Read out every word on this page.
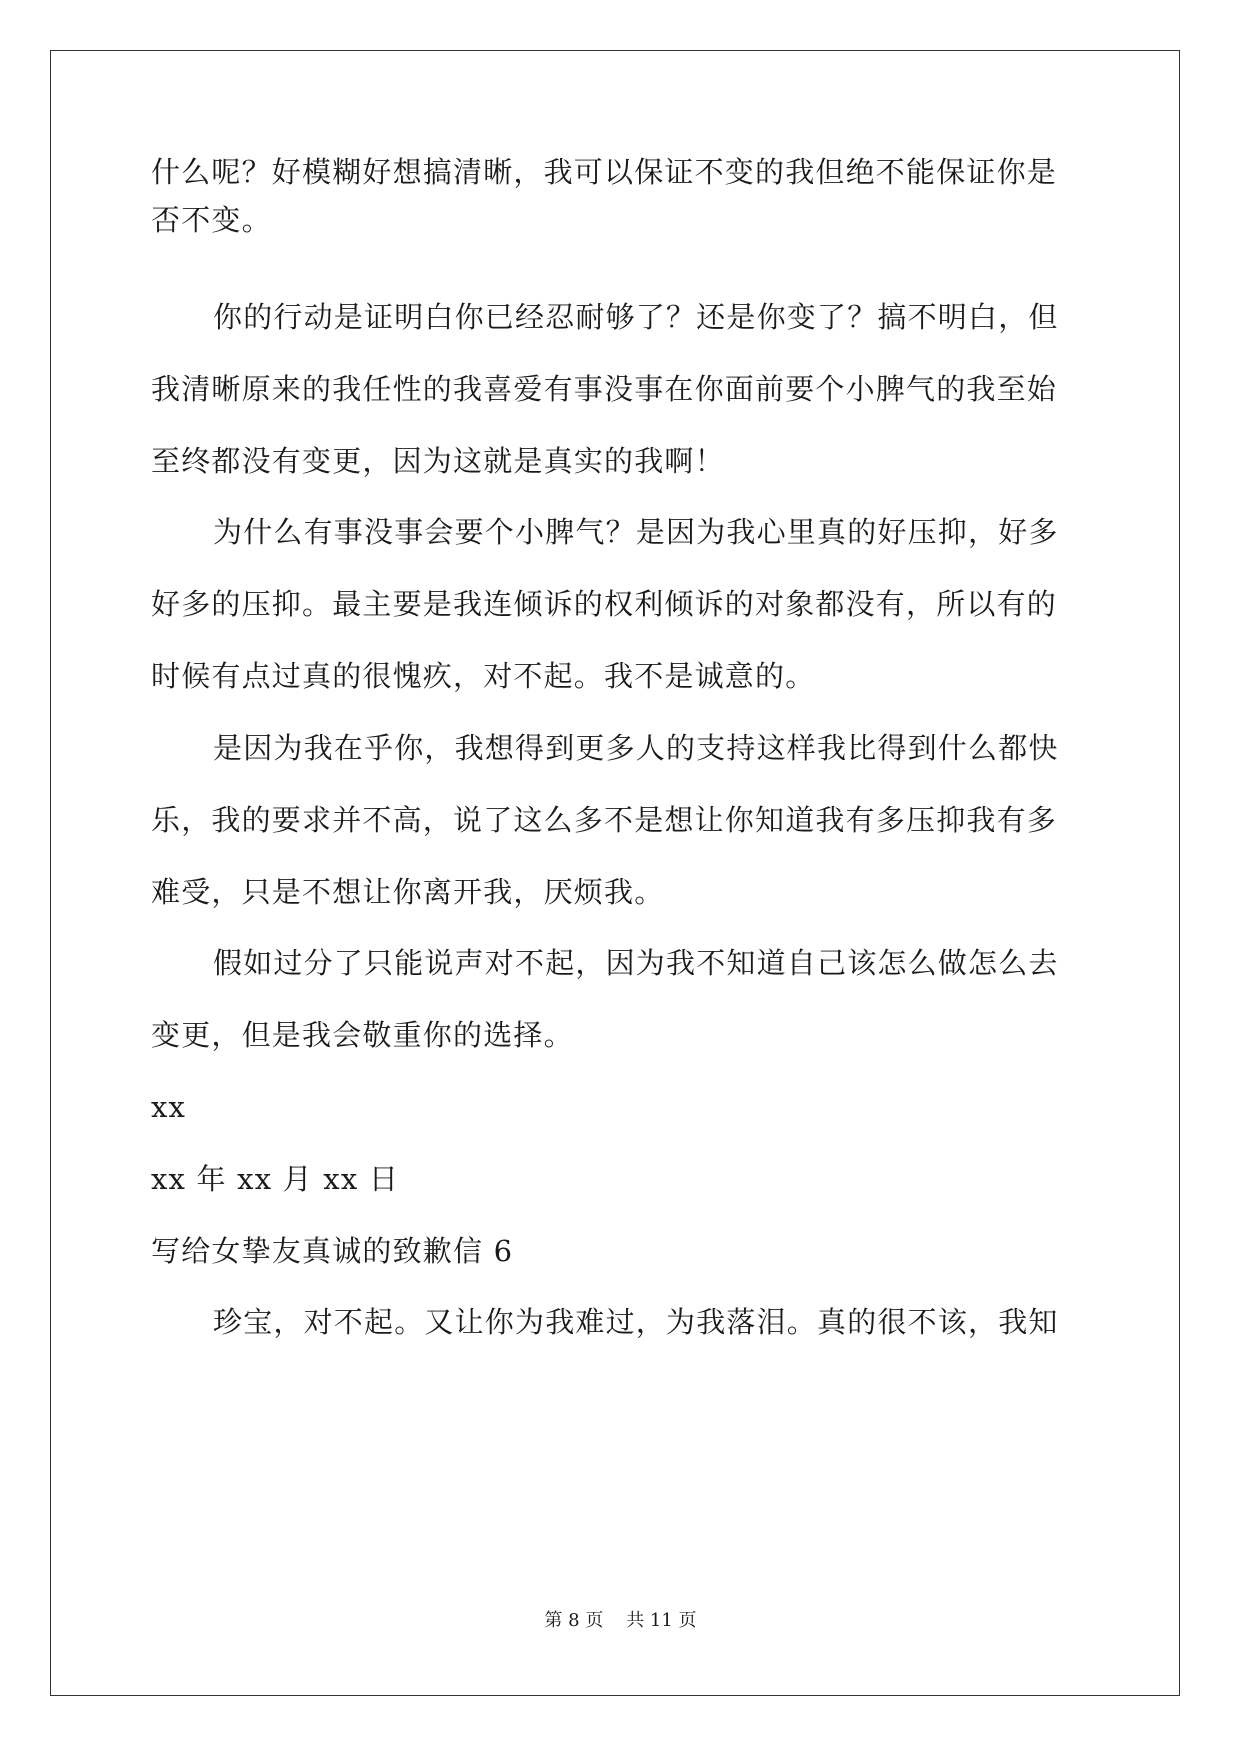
什么呢？好模糊好想搞清晰，我可以保证不变的我但绝不能保证你是
否不变。
你的行动是证明白你已经忍耐够了？还是你变了？搞不明白，但
我清晰原来的我任性的我喜爱有事没事在你面前要个小脾气的我至始
至终都没有变更，因为这就是真实的我啊！
为什么有事没事会要个小脾气？是因为我心里真的好压抑，好多
好多的压抑。最主要是我连倾诉的权利倾诉的对象都没有，所以有的
时候有点过真的很愧疚，对不起。我不是诚意的。
是因为我在乎你，我想得到更多人的支持这样我比得到什么都快
乐，我的要求并不高，说了这么多不是想让你知道我有多压抑我有多
难受，只是不想让你离开我，厌烦我。
假如过分了只能说声对不起，因为我不知道自己该怎么做怎么去
变更，但是我会敬重你的选择。
xx
xx 年 xx 月 xx 日
写给女挚友真诚的致歉信 6
珍宝，对不起。又让你为我难过，为我落泪。真的很不该，我知
第 8 页    共 11 页
